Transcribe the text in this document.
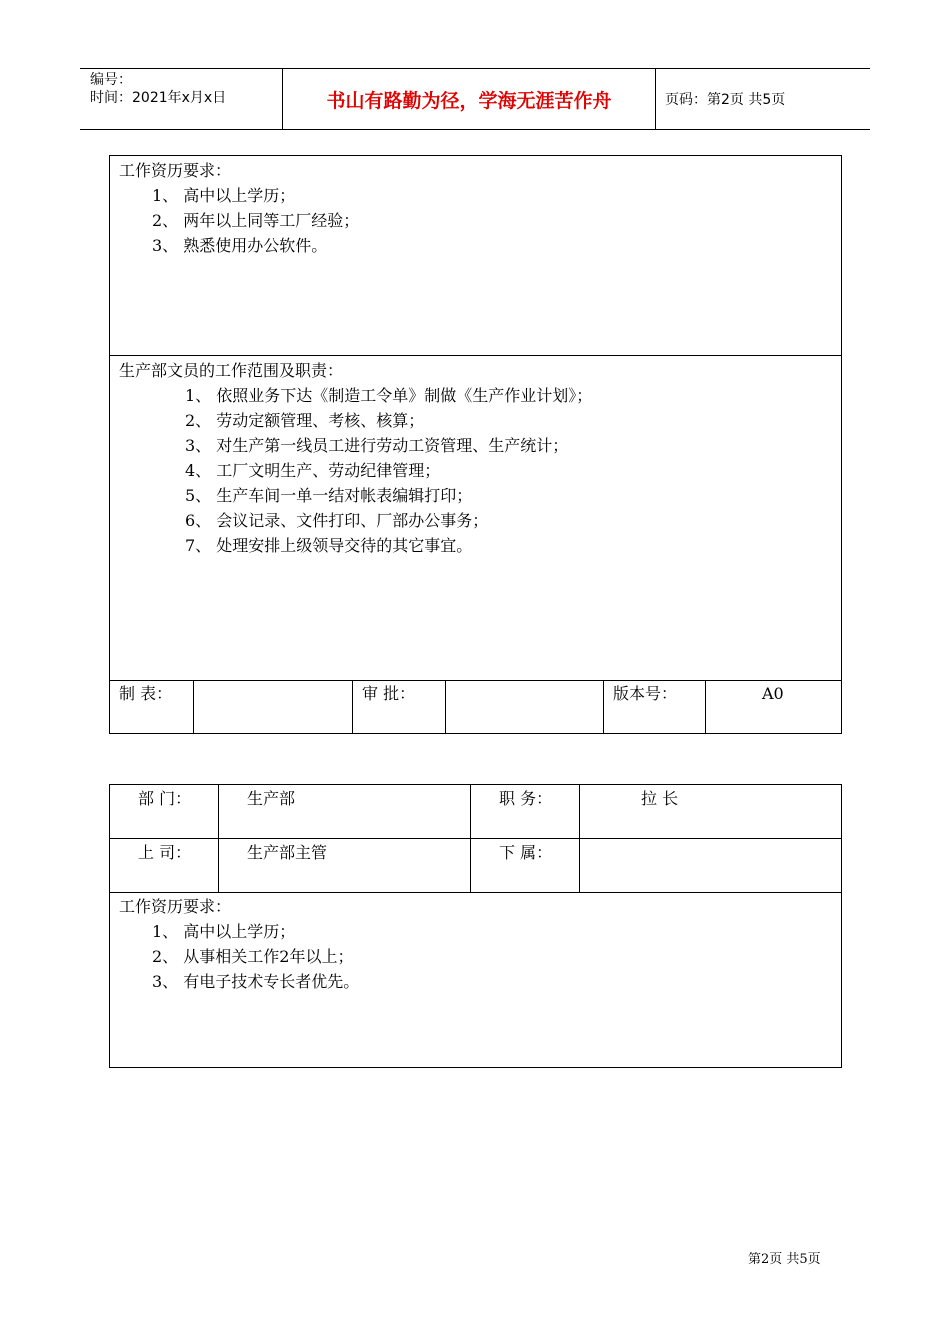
编号：
时间：2021年x月x日	书山有路勤为径，学海无涯苦作舟	页码：第2页 共5页
工作资历要求：
1、 高中以上学历；
2、 两年以上同等工厂经验；
3、 熟悉使用办公软件。
生产部文员的工作范围及职责：
1、 依照业务下达《制造工令单》制做《生产作业计划》；
2、 劳动定额管理、考核、核算；
3、 对生产第一线员工进行劳动工资管理、生产统计；
4、 工厂文明生产、劳动纪律管理；
5、 生产车间一单一结对帐表编辑打印；
6、 会议记录、文件打印、厂部办公事务；
7、 处理安排上级领导交待的其它事宜。
制 表：	审 批：	版本号：	A0
部 门：	生产部	职 务：	拉 长
上 司：	生产部主管	下 属：
工作资历要求：
1、 高中以上学历；
2、 从事相关工作2年以上；
3、 有电子技术专长者优先。
第2页 共5页
